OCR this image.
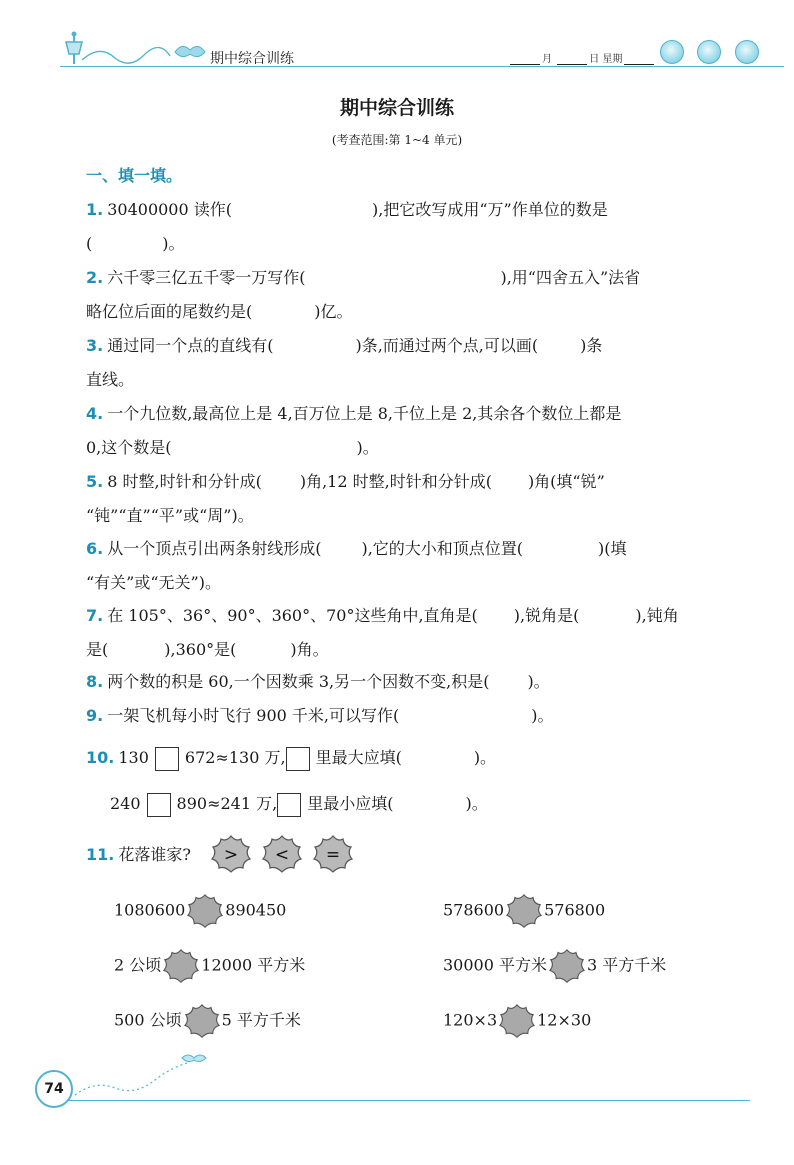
期中综合训练	月	日 星期
期中综合训练
(考查范围:第 1~4 单元)
一、填一填。
1. 30400000 读作(	),把它改写成用“万”作单位的数是
(	)。
2. 六千零三亿五千零一万写作(	),用“四舍五入”法省
略亿位后面的尾数约是(	)亿。
3. 通过同一个点的直线有(	)条,而通过两个点,可以画(	)条
直线。
4. 一个九位数,最高位上是 4,百万位上是 8,千位上是 2,其余各个数位上都是
0,这个数是(	)。
5. 8 时整,时针和分针成( )角,12 时整,时针和分针成( )角(填“锐”
“钝”“直”“平”或“周”)。
6. 从一个顶点引出两条射线形成(	),它的大小和顶点位置(	)(填
“有关”或“无关”)。
7. 在 105°、36°、90°、360°、70°这些角中,直角是( ),锐角是(	),钝角
是(	),360°是(	)角。
8. 两个数的积是 60,一个因数乘 3,另一个因数不变,积是( )。
9. 一架飞机每小时飞行 900 千米,可以写作(	)。
10. 130 672≈130 万, 里最大应填(	)。
240 890≈241 万, 里最小应填(	)。
11. 花落谁家?	>
<
=
1080600	890450	578600	576800
2 公顷	12000 平方米	30000 平方米	3 平方千米
500 公顷	5 平方千米	120×3	12×30
74
